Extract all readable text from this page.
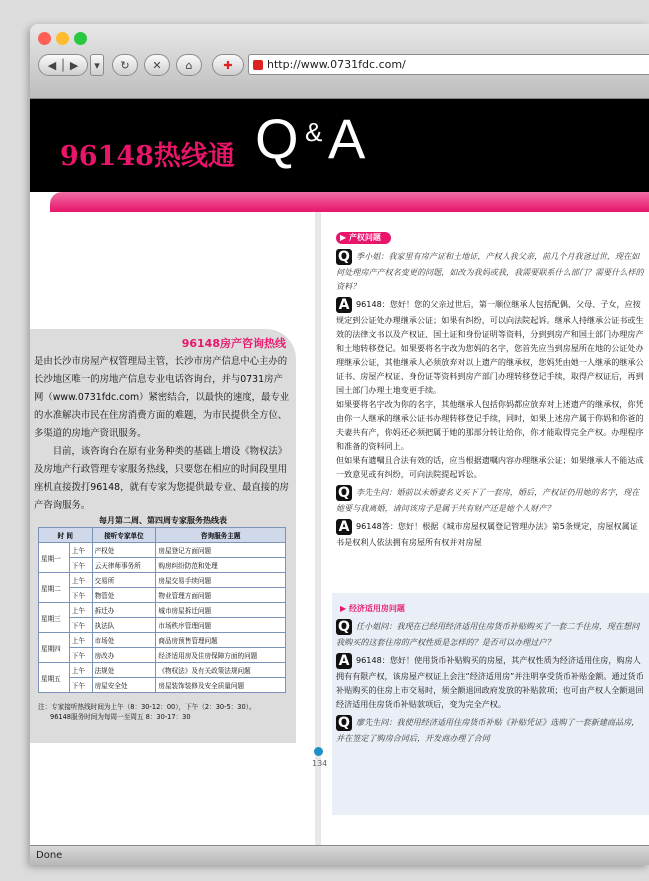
◀ │ ▶	▾	↻	✕	⌂	✚	http://www.0731fdc.com/
96148热线通 Q & A
134
96148房产咨询热线
是由长沙市房屋产权管理局主管，长沙市房产信息中心主办的长沙地区唯一的房地产信息专业电话咨询台，并与0731房产网（www.0731fdc.com）紧密结合，以最快的速度，最专业的水准解决市民在住房消费方面的难题，为市民提供全方位、多渠道的房地产资讯服务。
目前，该咨询台在原有业务种类的基础上增设《物权法》及房地产行政管理专家服务热线，只要您在相应的时间段里用座机直接拨打96148，就有专家为您提供最专业、最直接的房产咨询服务。
每月第二周、第四周专家服务热线表
时 间		接听专家单位	咨询服务主题
星期一	上午	产权处	房屋登记方面问题
	下午	云天律师事务所	购房纠纷防范和处理
星期二	上午	交易所	房屋交易手续问题
	下午	物管处	物业管理方面问题
星期三	上午	拆迁办	城市房屋拆迁问题
	下午	执法队	市场秩序管理问题
星期四	上午	市场处	商品房预售管理问题
	下午	房改办	经济适用房及住房保障方面的问题
星期五	上午	法规处	《物权法》及有关政策法规问题
	下午	房屋安全处	房屋装饰装修及安全质量问题
注：专家接听热线时间为上午（8：30-12：00），下午（2：30-5：30）。
96148服务时间为每周一至周五 8：30-17：30
▶ 产权问题
Q 季小姐：我家里有房产证和土地证，产权人我父亲，前几个月我爸过世，现在如何处理房产产权名变更的问题，如改为我妈或我，我需要联系什么部门？需要什么样的资料？
A 96148：您好！您的父亲过世后，第一顺位继承人包括配偶、父母、子女，应按规定到公证处办理继承公证；如果有纠纷，可以向法院起诉。继承人持继承公证书或生效的法律文书以及产权证、国土证和身份证明等资料，分到到房产和国土部门办理房产和土地转移登记。如果要将名字改为您妈的名字，您首先应当到房屋所在地的公证处办理继承公证，其他继承人必须放弃对以上遗产的继承权，您妈凭由她一人继承的继承公证书、房屋产权证、身份证等资料到房产部门办理转移登记手续，取得产权证后，再到国土部门办理土地变更手续。
如果要将名字改为你的名字，其他继承人包括你妈都应放弃对上述遗产的继承权，你凭由你一人继承的继承公证书办理转移登记手续，同时，如果上述房产属于你妈和你爸的夫妻共有产，你妈还必须把属于她的那部分转让给你，你才能取得完全产权。办理程序和准备的资料同上。
但如果有遗嘱且合法有效的话，应当根据遗嘱内容办理继承公证；如果继承人不能达成一致意见或有纠纷，可向法院提起诉讼。
Q 李先生问：婚前以未婚妻名义买下了一套房，婚后，产权证仍用她的名字，现在她要与我离婚，请问该房子是属于共有财产还是她个人财产？
A 96148答：您好！根据《城市房屋权属登记管理办法》第5条规定，房屋权属证书是权利人依法拥有房屋所有权并对房屋
▶ 经济适用房问题
Q 任小姐问：我现在已经用经济适用住房货币补贴购买了一套二手住房，现在想问我购买的这套住房的产权性质是怎样的？是否可以办理过户？
A 96148：您好！使用货币补贴购买的房屋，其产权性质为经济适用住房，购房人拥有有限产权，该房屋产权证上会注“经济适用房”并注明享受货币补贴金额。通过货币补贴购买的住房上市交易时，须全额退回政府发放的补贴款项；也可由产权人全额退回经济适用住房货币补贴款项后，变为完全产权。
Q 廖先生问：我使用经济适用住房货币补贴《补贴凭证》选购了一套新建商品房，并在签定了购房合同后，开发商办理了合同
Done
